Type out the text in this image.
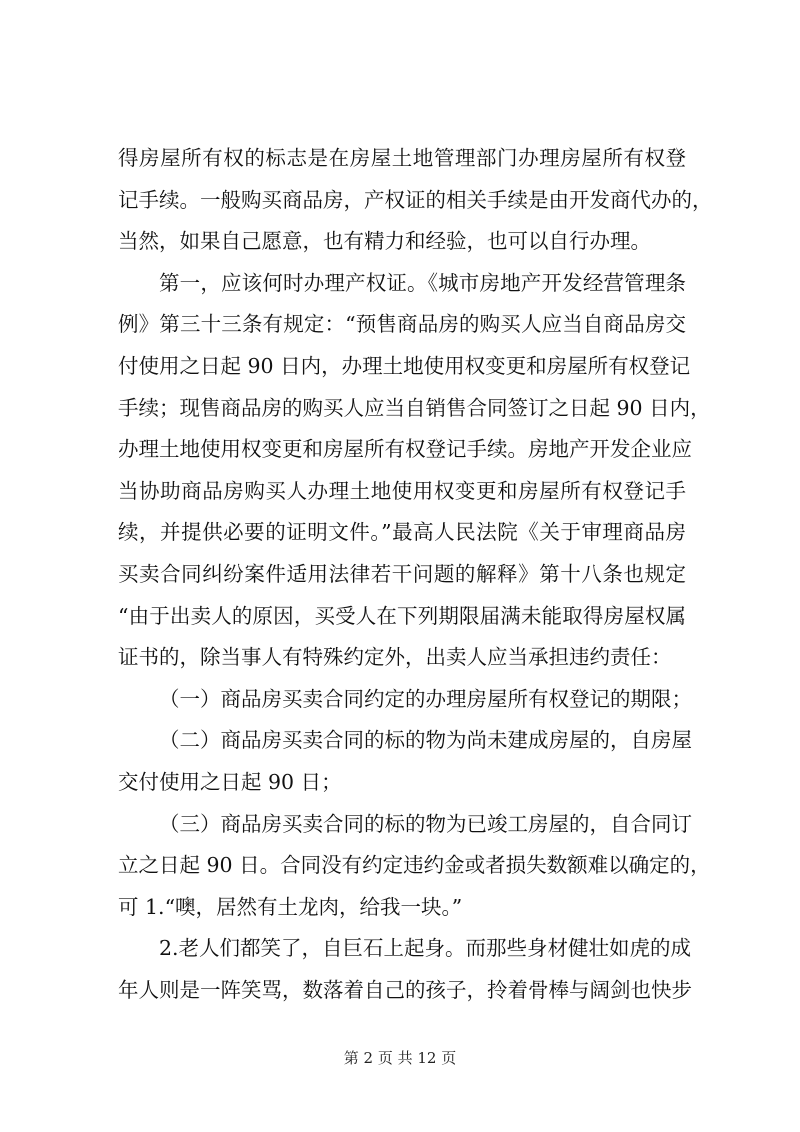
得房屋所有权的标志是在房屋土地管理部门办理房屋所有权登
记手续。一般购买商品房，产权证的相关手续是由开发商代办的，
当然，如果自己愿意，也有精力和经验，也可以自行办理。
第一，应该何时办理产权证。《城市房地产开发经营管理条
例》第三十三条有规定：“预售商品房的购买人应当自商品房交
付使用之日起 90 日内，办理土地使用权变更和房屋所有权登记
手续；现售商品房的购买人应当自销售合同签订之日起 90 日内，
办理土地使用权变更和房屋所有权登记手续。房地产开发企业应
当协助商品房购买人办理土地使用权变更和房屋所有权登记手
续，并提供必要的证明文件。”最高人民法院《关于审理商品房
买卖合同纠纷案件适用法律若干问题的解释》第十八条也规定
“由于出卖人的原因，买受人在下列期限届满未能取得房屋权属
证书的，除当事人有特殊约定外，出卖人应当承担违约责任：
（一）商品房买卖合同约定的办理房屋所有权登记的期限；
（二）商品房买卖合同的标的物为尚未建成房屋的，自房屋
交付使用之日起 90 日；
（三）商品房买卖合同的标的物为已竣工房屋的，自合同订
立之日起 90 日。合同没有约定违约金或者损失数额难以确定的，
可 1.“噢，居然有土龙肉，给我一块。”
2.老人们都笑了，自巨石上起身。而那些身材健壮如虎的成
年人则是一阵笑骂，数落着自己的孩子，拎着骨棒与阔剑也快步
第 2 页 共 12 页
